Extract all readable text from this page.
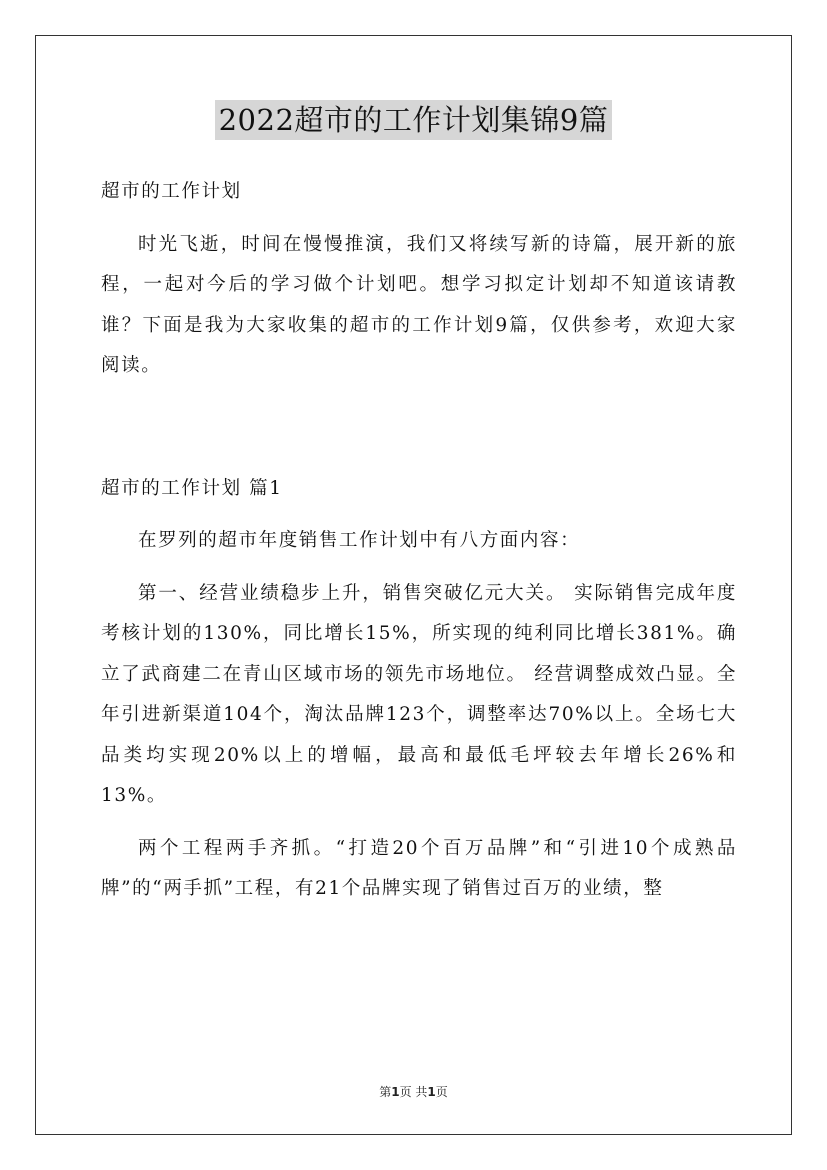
2022超市的工作计划集锦9篇

超市的工作计划

时光飞逝，时间在慢慢推演，我们又将续写新的诗篇，展开新的旅程，一起对今后的学习做个计划吧。想学习拟定计划却不知道该请教谁？下面是我为大家收集的超市的工作计划9篇，仅供参考，欢迎大家阅读。

超市的工作计划 篇1

在罗列的超市年度销售工作计划中有八方面内容：

第一、经营业绩稳步上升，销售突破亿元大关。 实际销售完成年度考核计划的130%，同比增长15%，所实现的纯利同比增长381%。确立了武商建二在青山区域市场的领先市场地位。 经营调整成效凸显。全年引进新渠道104个，淘汰品牌123个，调整率达70%以上。全场七大品类均实现20%以上的增幅，最高和最低毛坪较去年增长26%和13%。

两个工程两手齐抓。“打造20个百万品牌”和“引进10个成熟品牌”的“两手抓”工程，有21个品牌实现了销售过百万的业绩，整

第1页 共1页
